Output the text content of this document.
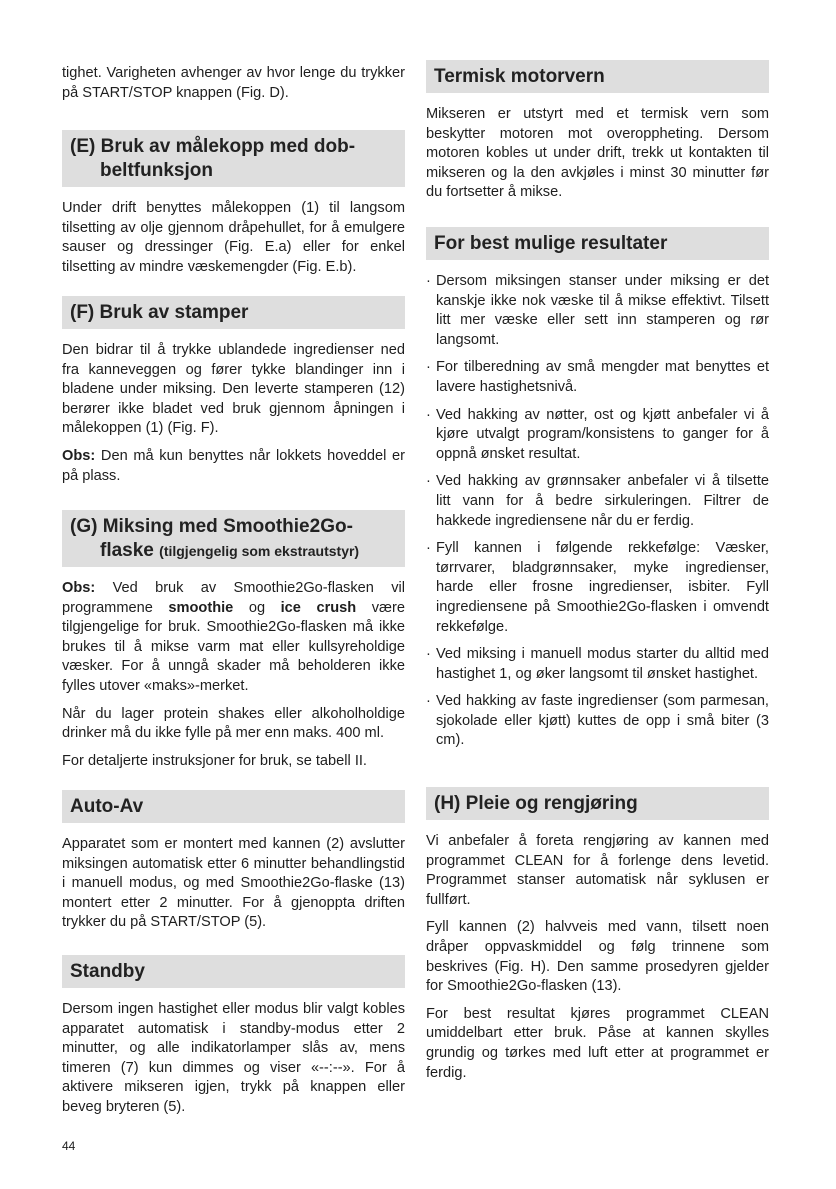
tighet. Varigheten avhenger av hvor lenge du trykker på START/STOP knappen (Fig. D).

(E) Bruk av målekopp med dob-
beltfunksjon

Under drift benyttes målekoppen (1) til langsom tilsetting av olje gjennom dråpehullet, for å emulgere sauser og dressinger (Fig. E.a) eller for enkel tilsetting av mindre væskemengder (Fig. E.b).

(F) Bruk av stamper

Den bidrar til å trykke ublandede ingredienser ned fra kanneveggen og fører tykke blandinger inn i bladene under miksing. Den leverte stamperen (12) berører ikke bladet ved bruk gjennom åpningen i målekoppen (1) (Fig. F).

Obs: Den må kun benyttes når lokkets hoveddel er på plass.

(G) Miksing med Smoothie2Go-
flaske (tilgjengelig som ekstrautstyr)

Obs: Ved bruk av Smoothie2Go-flasken vil programmene smoothie og ice crush være tilgjengelige for bruk. Smoothie2Go-flasken må ikke brukes til å mikse varm mat eller kullsyreholdige væsker. For å unngå skader må beholderen ikke fylles utover «maks»-merket.

Når du lager protein shakes eller alkoholholdige drinker må du ikke fylle på mer enn maks. 400 ml.

For detaljerte instruksjoner for bruk, se tabell II.

Auto-Av

Apparatet som er montert med kannen (2) avslutter miksingen automatisk etter 6 minutter behandlingstid i manuell modus, og med Smoothie2Go-flaske (13) montert etter 2 minutter. For å gjenoppta driften trykker du på START/STOP (5).

Standby

Dersom ingen hastighet eller modus blir valgt kobles apparatet automatisk i standby-modus etter 2 minutter, og alle indikatorlamper slås av, mens timeren (7) kun dimmes og viser «--:--». For å aktivere mikseren igjen, trykk på knappen eller beveg bryteren (5).

Termisk motorvern

Mikseren er utstyrt med et termisk vern som beskytter motoren mot overoppheting. Dersom motoren kobles ut under drift, trekk ut kontakten til mikseren og la den avkjøles i minst 30 minutter før du fortsetter å mikse.

For best mulige resultater
· Dersom miksingen stanser under miksing er det kanskje ikke nok væske til å mikse effektivt. Tilsett litt mer væske eller sett inn stamperen og rør langsomt.
· For tilberedning av små mengder mat benyttes et lavere hastighetsnivå.
· Ved hakking av nøtter, ost og kjøtt anbefaler vi å kjøre utvalgt program/konsistens to ganger for å oppnå ønsket resultat.
· Ved hakking av grønnsaker anbefaler vi å tilsette litt vann for å bedre sirkuleringen. Filtrer de hakkede ingrediensene når du er ferdig.
· Fyll kannen i følgende rekkefølge: Væsker, tørrvarer, bladgrønnsaker, myke ingredienser, harde eller frosne ingredienser, isbiter. Fyll ingrediensene på Smoothie2Go-flasken i omvendt rekkefølge.
· Ved miksing i manuell modus starter du alltid med hastighet 1, og øker langsomt til ønsket hastighet.
· Ved hakking av faste ingredienser (som parmesan, sjokolade eller kjøtt) kuttes de opp i små biter (3 cm).
(H) Pleie og rengjøring

Vi anbefaler å foreta rengjøring av kannen med programmet CLEAN for å forlenge dens levetid. Programmet stanser automatisk når syklusen er fullført.

Fyll kannen (2) halvveis med vann, tilsett noen dråper oppvaskmiddel og følg trinnene som beskrives (Fig. H). Den samme prosedyren gjelder for Smoothie2Go-flasken (13).

For best resultat kjøres programmet CLEAN umiddelbart etter bruk. Påse at kannen skylles grundig og tørkes med luft etter at programmet er ferdig.

44
